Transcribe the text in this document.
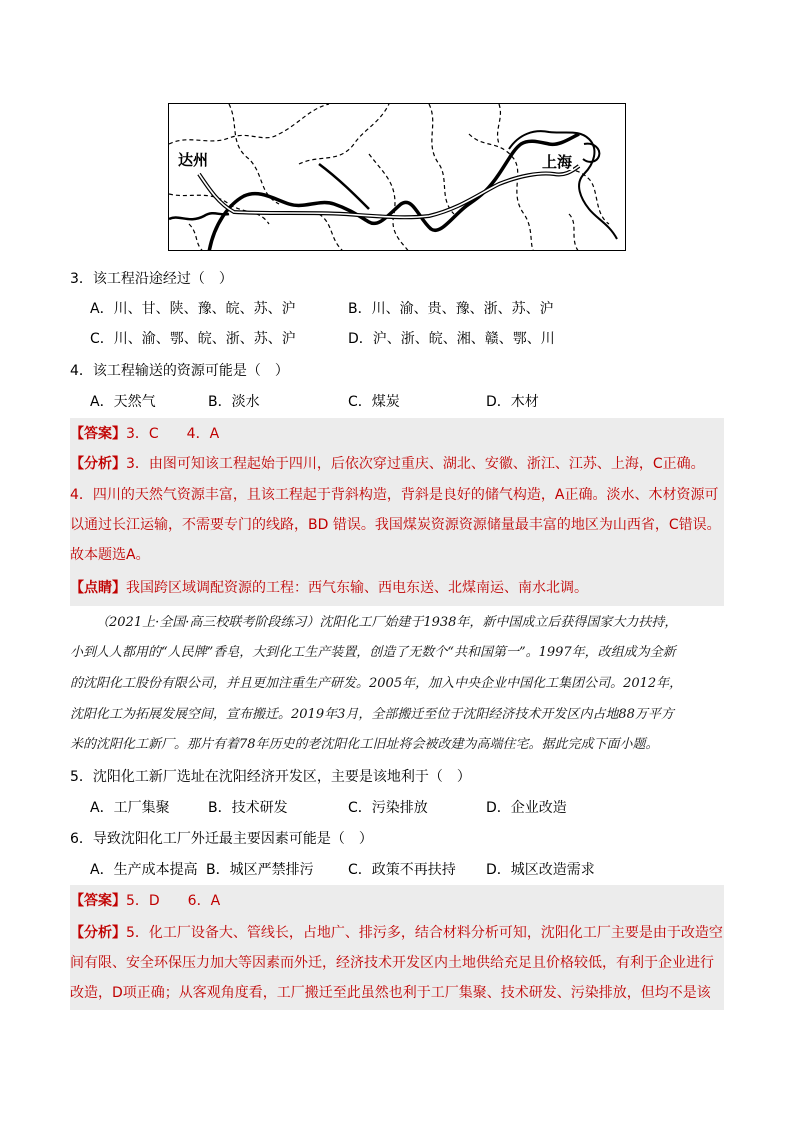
达州	上海
3．该工程沿途经过（　）
A．川、甘、陕、豫、皖、苏、沪	B．川、渝、贵、豫、浙、苏、沪
C．川、渝、鄂、皖、浙、苏、沪	D．沪、浙、皖、湘、赣、鄂、川
4．该工程输送的资源可能是（　）
A．天然气	B．淡水	C．煤炭	D．木材
【答案】3．C　　4．A
【分析】3．由图可知该工程起始于四川，后依次穿过重庆、湖北、安徽、浙江、江苏、上海，C正确。
4．四川的天然气资源丰富，且该工程起于背斜构造，背斜是良好的储气构造，A正确。淡水、木材资源可
以通过长江运输，不需要专门的线路，BD 错误。我国煤炭资源资源储量最丰富的地区为山西省，C错误。
故本题选A。
【点睛】我国跨区域调配资源的工程：西气东输、西电东送、北煤南运、南水北调。
（2021上·全国·高三校联考阶段练习）沈阳化工厂始建于1938年，新中国成立后获得国家大力扶持，
小到人人都用的“人民牌”香皂，大到化工生产装置，创造了无数个“共和国第一”。1997年，改组成为全新
的沈阳化工股份有限公司，并且更加注重生产研发。2005年，加入中央企业中国化工集团公司。2012年，
沈阳化工为拓展发展空间，宣布搬迁。2019年3月，全部搬迁至位于沈阳经济技术开发区内占地88万平方
米的沈阳化工新厂。那片有着78年历史的老沈阳化工旧址将会被改建为高端住宅。据此完成下面小题。
5．沈阳化工新厂选址在沈阳经济开发区，主要是该地利于（　）
A．工厂集聚	B．技术研发	C．污染排放	D．企业改造
6．导致沈阳化工厂外迁最主要因素可能是（　）
A．生产成本提高 B．城区严禁排污 C．政策不再扶持 D．城区改造需求
【答案】5．D　　6．A
【分析】5．化工厂设备大、管线长，占地广、排污多，结合材料分析可知，沈阳化工厂主要是由于改造空
间有限、安全环保压力加大等因素而外迁，经济技术开发区内土地供给充足且价格较低，有利于企业进行
改造，D项正确；从客观角度看，工厂搬迁至此虽然也利于工厂集聚、技术研发、污染排放，但均不是该
